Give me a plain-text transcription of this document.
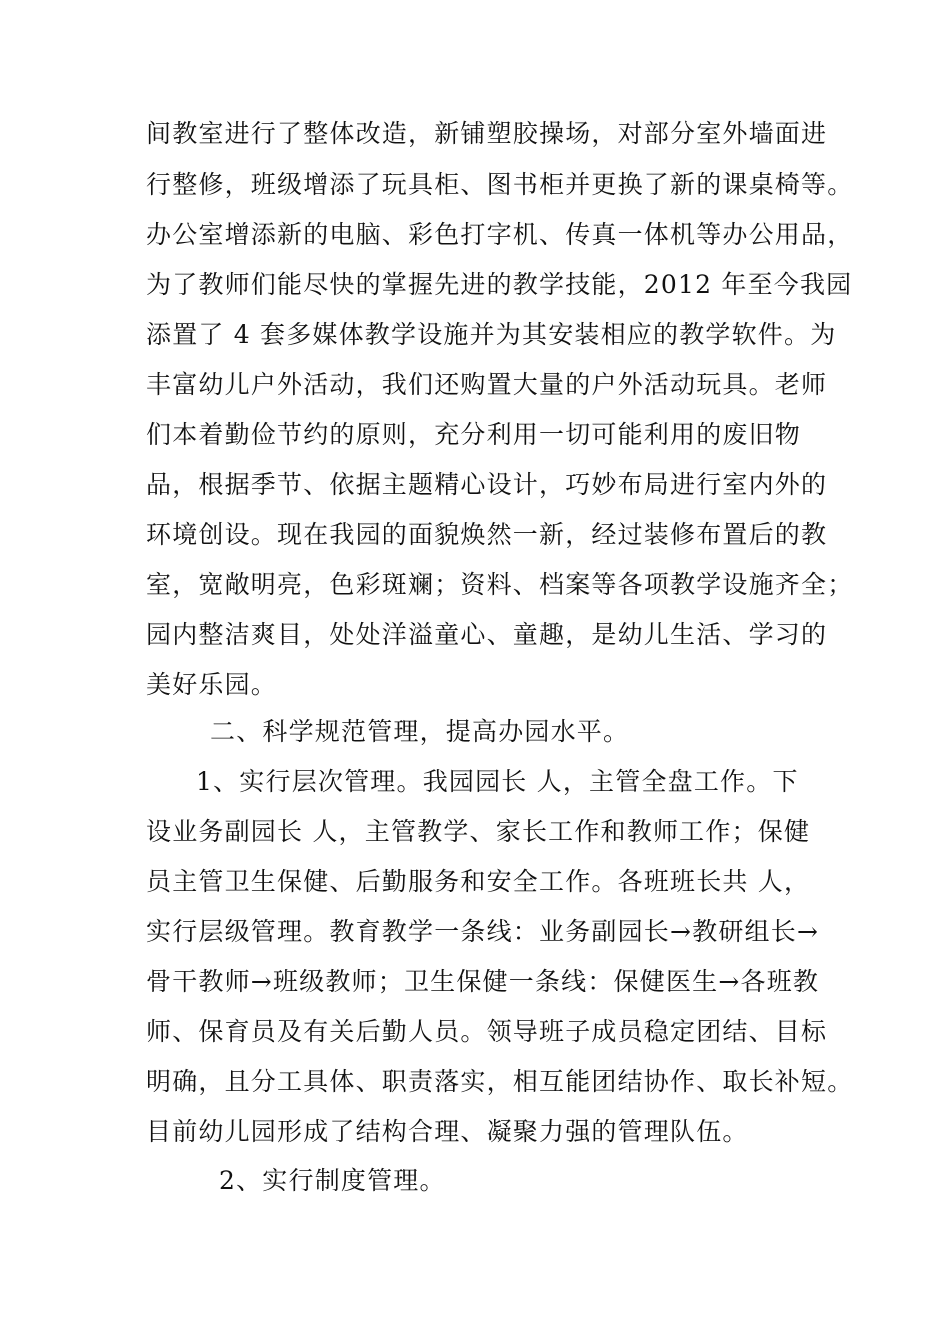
间教室进行了整体改造，新铺塑胶操场，对部分室外墙面进
行整修，班级增添了玩具柜、图书柜并更换了新的课桌椅等。
办公室增添新的电脑、彩色打字机、传真一体机等办公用品，
为了教师们能尽快的掌握先进的教学技能，2012 年至今我园
添置了 4 套多媒体教学设施并为其安装相应的教学软件。为
丰富幼儿户外活动，我们还购置大量的户外活动玩具。老师
们本着勤俭节约的原则，充分利用一切可能利用的废旧物
品，根据季节、依据主题精心设计，巧妙布局进行室内外的
环境创设。现在我园的面貌焕然一新，经过装修布置后的教
室，宽敞明亮，色彩斑斓；资料、档案等各项教学设施齐全；
园内整洁爽目，处处洋溢童心、童趣，是幼儿生活、学习的
美好乐园。
二、科学规范管理，提高办园水平。
1、实行层次管理。我园园长 人，主管全盘工作。下
设业务副园长 人，主管教学、家长工作和教师工作；保健
员主管卫生保健、后勤服务和安全工作。各班班长共 人，
实行层级管理。教育教学一条线：业务副园长→教研组长→
骨干教师→班级教师；卫生保健一条线：保健医生→各班教
师、保育员及有关后勤人员。领导班子成员稳定团结、目标
明确，且分工具体、职责落实，相互能团结协作、取长补短。
目前幼儿园形成了结构合理、凝聚力强的管理队伍。
2、实行制度管理。
